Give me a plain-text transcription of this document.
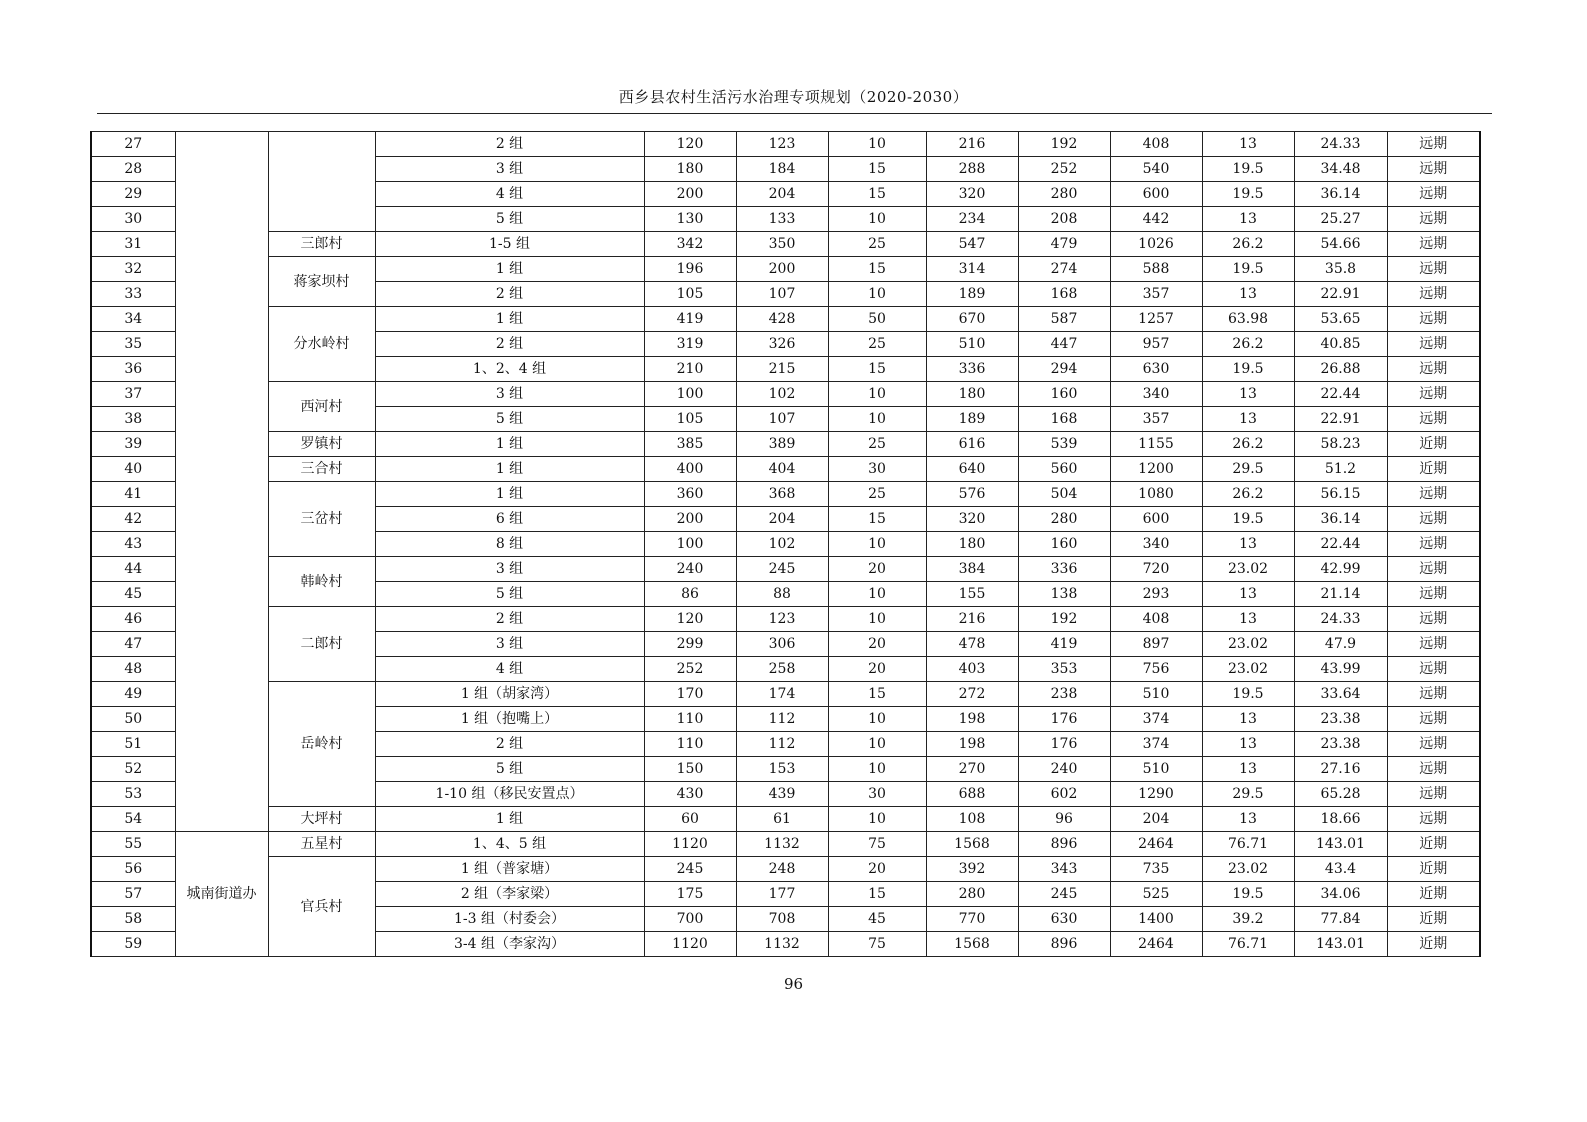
西乡县农村生活污水治理专项规划（2020-2030）
27			2 组	120	123	10	216	192	408	13	24.33	远期
28			3 组	180	184	15	288	252	540	19.5	34.48	远期
29			4 组	200	204	15	320	280	600	19.5	36.14	远期
30			5 组	130	133	10	234	208	442	13	25.27	远期
31		三郎村	1-5 组	342	350	25	547	479	1026	26.2	54.66	远期
32		蒋家坝村	1 组	196	200	15	314	274	588	19.5	35.8	远期
33			2 组	105	107	10	189	168	357	13	22.91	远期
34		分水岭村	1 组	419	428	50	670	587	1257	63.98	53.65	远期
35			2 组	319	326	25	510	447	957	26.2	40.85	远期
36			1、2、4 组	210	215	15	336	294	630	19.5	26.88	远期
37		西河村	3 组	100	102	10	180	160	340	13	22.44	远期
38			5 组	105	107	10	189	168	357	13	22.91	远期
39		罗镇村	1 组	385	389	25	616	539	1155	26.2	58.23	近期
40		三合村	1 组	400	404	30	640	560	1200	29.5	51.2	近期
41		三岔村	1 组	360	368	25	576	504	1080	26.2	56.15	远期
42			6 组	200	204	15	320	280	600	19.5	36.14	远期
43			8 组	100	102	10	180	160	340	13	22.44	远期
44		韩岭村	3 组	240	245	20	384	336	720	23.02	42.99	远期
45			5 组	86	88	10	155	138	293	13	21.14	远期
46		二郎村	2 组	120	123	10	216	192	408	13	24.33	远期
47			3 组	299	306	20	478	419	897	23.02	47.9	远期
48			4 组	252	258	20	403	353	756	23.02	43.99	远期
49		岳岭村	1 组（胡家湾）	170	174	15	272	238	510	19.5	33.64	远期
50			1 组（抱嘴上）	110	112	10	198	176	374	13	23.38	远期
51			2 组	110	112	10	198	176	374	13	23.38	远期
52			5 组	150	153	10	270	240	510	13	27.16	远期
53			1-10 组（移民安置点）	430	439	30	688	602	1290	29.5	65.28	远期
54		大坪村	1 组	60	61	10	108	96	204	13	18.66	远期
55	城南街道办	五星村	1、4、5 组	1120	1132	75	1568	896	2464	76.71	143.01	近期
56		官兵村	1 组（普家塘）	245	248	20	392	343	735	23.02	43.4	近期
57			2 组（李家梁）	175	177	15	280	245	525	19.5	34.06	近期
58			1-3 组（村委会）	700	708	45	770	630	1400	39.2	77.84	近期
59			3-4 组（李家沟）	1120	1132	75	1568	896	2464	76.71	143.01	近期
96
